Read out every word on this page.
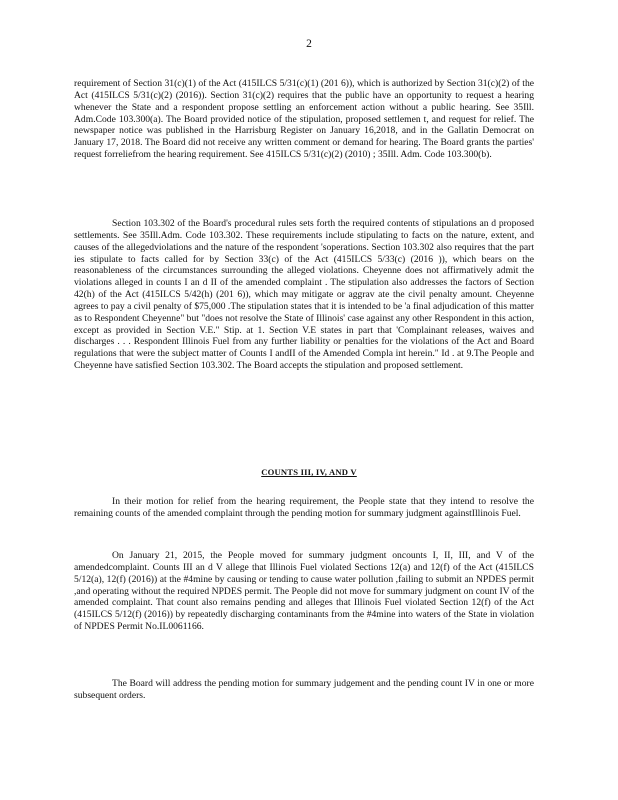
2

requirement of Section 31(c)(1) of the Act (415ILCS 5/31(c)(1) (201 6)), which is authorized by Section 31(c)(2) of the Act (415ILCS 5/31(c)(2) (2016)). Section 31(c)(2) requires that the public have an opportunity to request a hearing whenever the State and a respondent propose settling an enforcement action without a public hearing. See 35Ill. Adm.Code 103.300(a). The Board provided notice of the stipulation, proposed settlemen t, and request for relief. The newspaper notice was published in the Harrisburg Register on January 16,2018, and in the Gallatin Democrat on January 17, 2018. The Board did not receive any written comment or demand for hearing. The Board grants the parties' request forreliefrom the hearing requirement. See 415ILCS 5/31(c)(2) (2010) ; 35Ill. Adm. Code 103.300(b).

Section 103.302 of the Board's procedural rules sets forth the required contents of stipulations an d proposed settlements. See 35Ill.Adm. Code 103.302. These requirements include stipulating to facts on the nature, extent, and causes of the allegedviolations and the nature of the respondent 'soperations. Section 103.302 also requires that the part ies stipulate to facts called for by Section 33(c) of the Act (415ILCS 5/33(c) (2016 )), which bears on the reasonableness of the circumstances surrounding the alleged violations. Cheyenne does not affirmatively admit the violations alleged in counts I an d II of the amended complaint . The stipulation also addresses the factors of Section 42(h) of the Act (415ILCS 5/42(h) (201 6)), which may mitigate or aggrav ate the civil penalty amount. Cheyenne agrees to pay a civil penalty of $75,000 .The stipulation states that it is intended to be 'a final adjudication of this matter as to Respondent Cheyenne" but "does not resolve the State of Illinois' case against any other Respondent in this action, except as provided in Section V.E." Stip. at 1. Section V.E states in part that 'Complainant releases, waives and discharges . . . Respondent Illinois Fuel from any further liability or penalties for the violations of the Act and Board regulations that were the subject matter of Counts I andII of the Amended Compla int herein." Id . at 9.The People and Cheyenne have satisfied Section 103.302. The Board accepts the stipulation and proposed settlement.

COUNTS III, IV, AND V

In their motion for relief from the hearing requirement, the People state that they intend to resolve the remaining counts of the amended complaint through the pending motion for summary judgment againstIllinois Fuel.

On January 21, 2015, the People moved for summary judgment oncounts I, II, III, and V of the amendedcomplaint. Counts III an d V allege that Illinois Fuel violated Sections 12(a) and 12(f) of the Act (415ILCS 5/12(a), 12(f) (2016)) at the #4mine by causing or tending to cause water pollution ,failing to submit an NPDES permit ,and operating without the required NPDES permit. The People did not move for summary judgment on count IV of the amended complaint. That count also remains pending and alleges that Illinois Fuel violated Section 12(f) of the Act (415ILCS 5/12(f) (2016)) by repeatedly discharging contaminants from the #4mine into waters of the State in violation of NPDES Permit No.IL0061166.

The Board will address the pending motion for summary judgement and the pending count IV in one or more subsequent orders.
